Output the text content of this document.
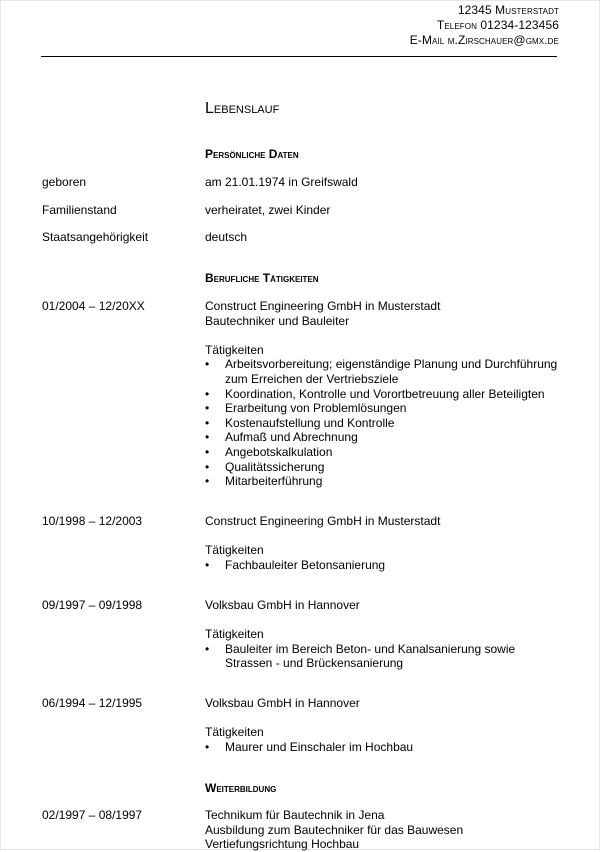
12345 Musterstadt
Telefon 01234-123456
E-Mail m.Zirschauer@gmx.de
Lebenslauf
Persönliche Daten
geboren	am 21.01.1974 in Greifswald
Familienstand	verheiratet, zwei Kinder
Staatsangehörigkeit	deutsch
Berufliche Tätigkeiten
01/2004 – 12/20XX	Construct Engineering GmbH in Musterstadt

Bautechniker und Bauleiter

Tätigkeiten

• Arbeitsvorbereitung; eigenständige Planung und Durchführung zum Erreichen der Vertriebsziele
• Koordination, Kontrolle und Vorortbetreuung aller Beteiligten
• Erarbeitung von Problemlösungen
• Kostenaufstellung und Kontrolle
• Aufmaß und Abrechnung
• Angebotskalkulation
• Qualitätssicherung
• Mitarbeiterführung
10/1998 – 12/2003	Construct Engineering GmbH in Musterstadt

Tätigkeiten

• Fachbauleiter Betonsanierung
09/1997 – 09/1998	Volksbau GmbH in Hannover

Tätigkeiten

• Bauleiter im Bereich Beton- und Kanalsanierung sowie Strassen - und Brückensanierung
06/1994 – 12/1995	Volksbau GmbH in Hannover

Tätigkeiten

• Maurer und Einschaler im Hochbau
Weiterbildung
02/1997 – 08/1997	Technikum für Bautechnik in Jena

Ausbildung zum Bautechniker für das Bauwesen

Vertiefungsrichtung Hochbau
